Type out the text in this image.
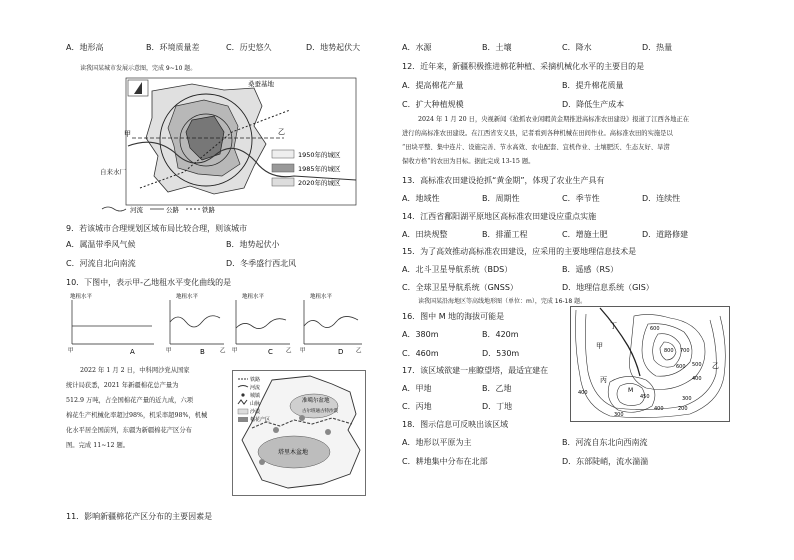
A．地形高	B．环境质量差	C．历史悠久	D．地势起伏大
读我国某城市发展示意图，完成 9~10 题。
桑蚕基地
甲	乙
自来水厂
1950年的城区
1985年的城区
2020年的城区
河流	公路	铁路
9．若该城市合理规划区域布局比较合理，则该城市
A．属温带季风气候	B．地势起伏小
C．河流自北向南流	D．冬季盛行西北风
10．下图中，表示甲-乙地租水平变化曲线的是
地租水平
甲	A
地租水平
甲	乙
B
地租水平
甲	乙
C
地租水平
甲	乙
D
2022 年 1 月 2 日，中科网沙党从国家
统计局获悉，2021 年新疆棉花总产量为
512.9 万吨，占全国棉花产量的近九成，六项
棉花生产机械化率超过98%，机采率超98%，机械
化水平居全国前列，东疆为新疆棉花产区分布
图。完成 11~12 题。
准噶尔盆地
古尔班通古特沙漠
塔里木盆地
铁路
河流
城镇
山脉
沙漠
棉花产区
11．影响新疆棉花产区分布的主要因素是
A．水源	B．土壤	C．降水	D．热量
12．近年来，新疆积极推进棉花种植、采摘机械化水平的主要目的是
A．提高棉花产量	B．提升棉花质量
C．扩大种植规模	D．降低生产成本
2024 年 1 月 20 日，央视新闻《抢抓农业闲暇黄金期推进高标准农田建设》报道了江西各地正在
进行的高标准农田建设。在江西省安义县，记者看到各种机械在田间作业。高标准农田的实施是以
“田块平整、集中连片、设施完善、节水高效、农电配套、宜机作业、土壤肥沃、生态友好、旱涝
保收方格”的农田为目标。据此完成 13-15 题。
13．高标准农田建设抢抓“黄金期”，体现了农业生产具有
A．地域性	B．周期性	C．季节性	D．连续性
14．江西省鄱阳湖平原地区高标准农田建设应重点实施
A．田块规整	B．排灌工程	C．增施土肥	D．道路修建
15．为了高效推动高标准农田建设，应采用的主要地理信息技术是
A．北斗卫星导航系统（BDS）	B．遥感（RS）
C．全球卫星导航系统（GNSS）	D．地理信息系统（GIS）
读我国某沿海地区等高线地形图（单位：m），完成 16-18 题。
16．图中 M 地的海拔可能是
A．380m	B．420m
C．460m	D．530m
17．该区域欲建一座瞭望塔，最适宜建在
A．甲地	B．乙地
C．丙地	D．丁地
18．图示信息可反映出该区域
A．地形以平原为主	B．河流自东北向西南流
C．耕地集中分布在北部	D．东部陡峭，流水湍湍
丁
甲
乙
丙
M
200
300
400
500
600
700
800
600
400
300
450
400
